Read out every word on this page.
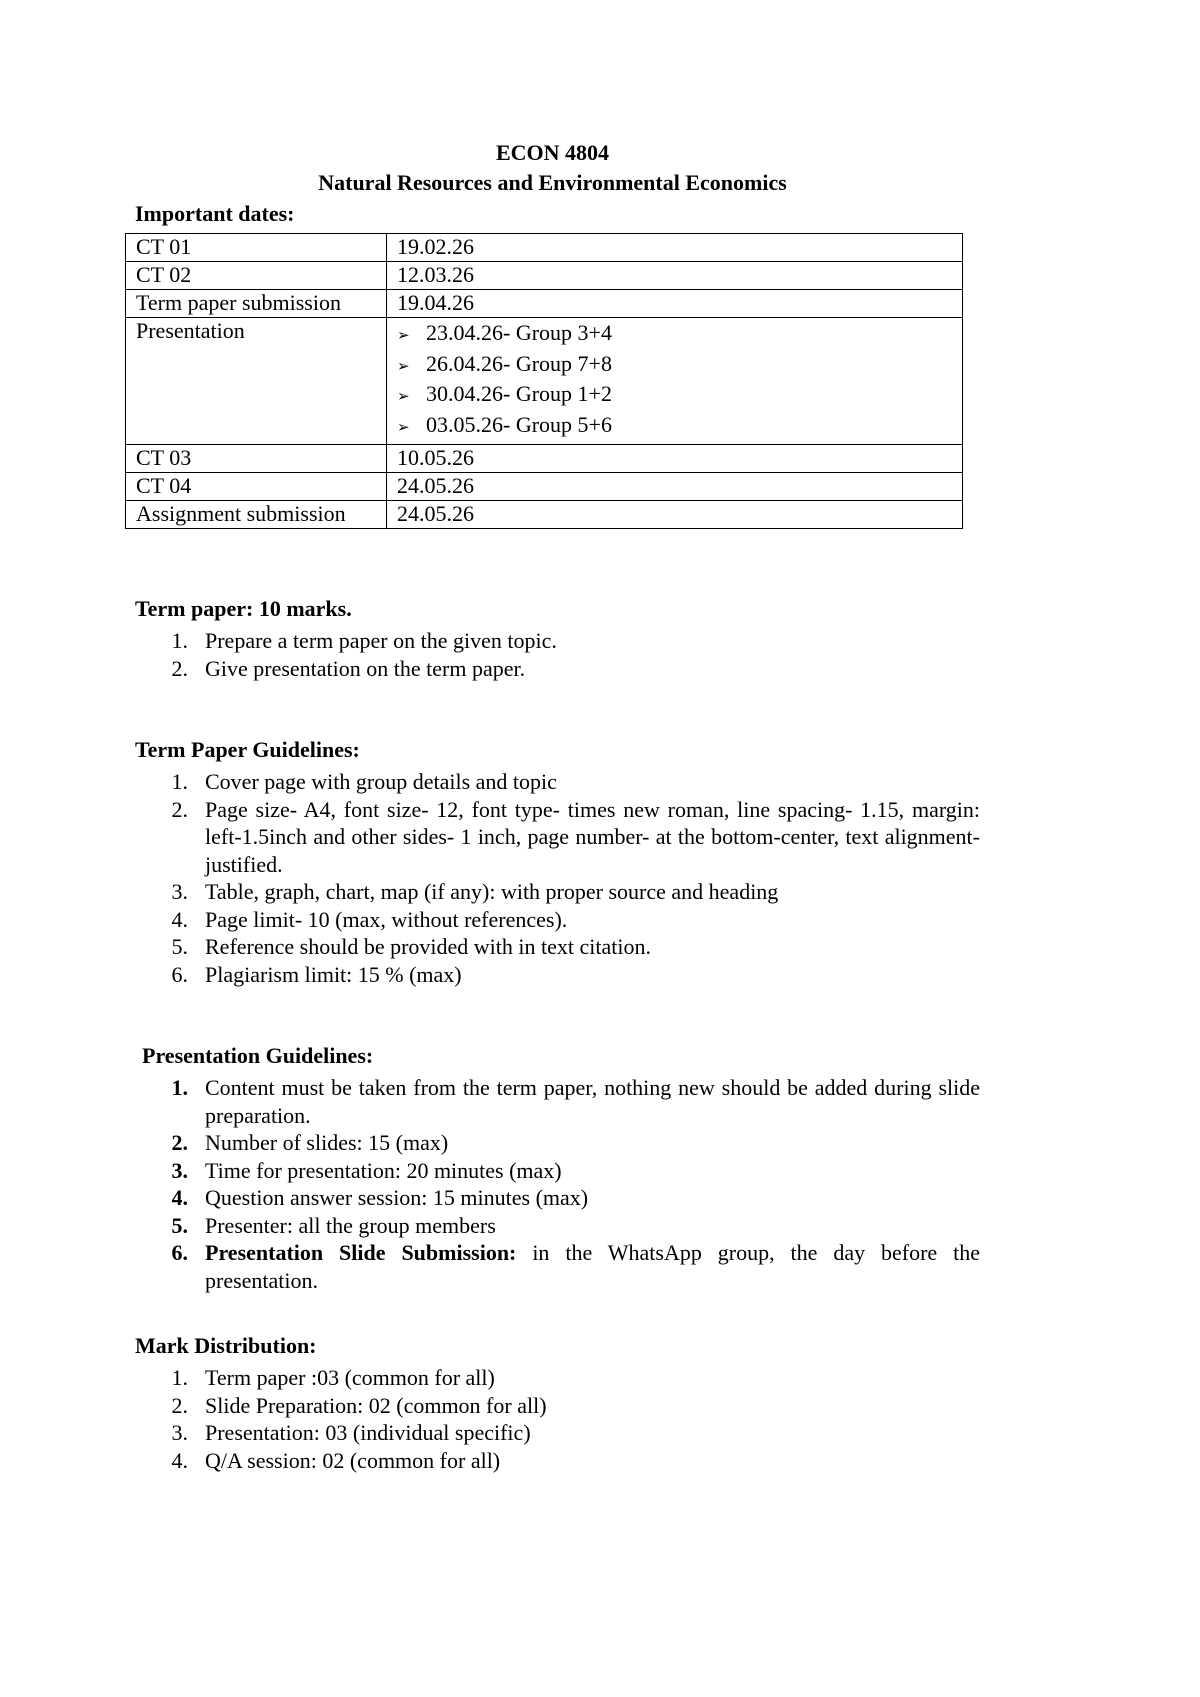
ECON 4804
Natural Resources and Environmental Economics
Important dates:
CT 01	19.02.26
CT 02	12.03.26
Term paper submission	19.04.26
Presentation	➢ 23.04.26- Group 3+4
➢ 26.04.26- Group 7+8
➢ 30.04.26- Group 1+2
➢ 03.05.26- Group 5+6

CT 03	10.05.26
CT 04	24.05.26
Assignment submission	24.05.26
Term paper: 10 marks.
1. Prepare a term paper on the given topic.
2. Give presentation on the term paper.
Term Paper Guidelines:
1. Cover page with group details and topic
2. Page size- A4, font size- 12, font type- times new roman, line spacing- 1.15, margin: left-1.5inch and other sides- 1 inch, page number- at the bottom-center, text alignment- justified.
3. Table, graph, chart, map (if any): with proper source and heading
4. Page limit- 10 (max, without references).
5. Reference should be provided with in text citation.
6. Plagiarism limit: 15 % (max)
Presentation Guidelines:
1. Content must be taken from the term paper, nothing new should be added during slide preparation.
2. Number of slides: 15 (max)
3. Time for presentation: 20 minutes (max)
4. Question answer session: 15 minutes (max)
5. Presenter: all the group members
6. Presentation Slide Submission: in the WhatsApp group, the day before the presentation.
Mark Distribution:
1. Term paper :03 (common for all)
2. Slide Preparation: 02 (common for all)
3. Presentation: 03 (individual specific)
4. Q/A session: 02 (common for all)
